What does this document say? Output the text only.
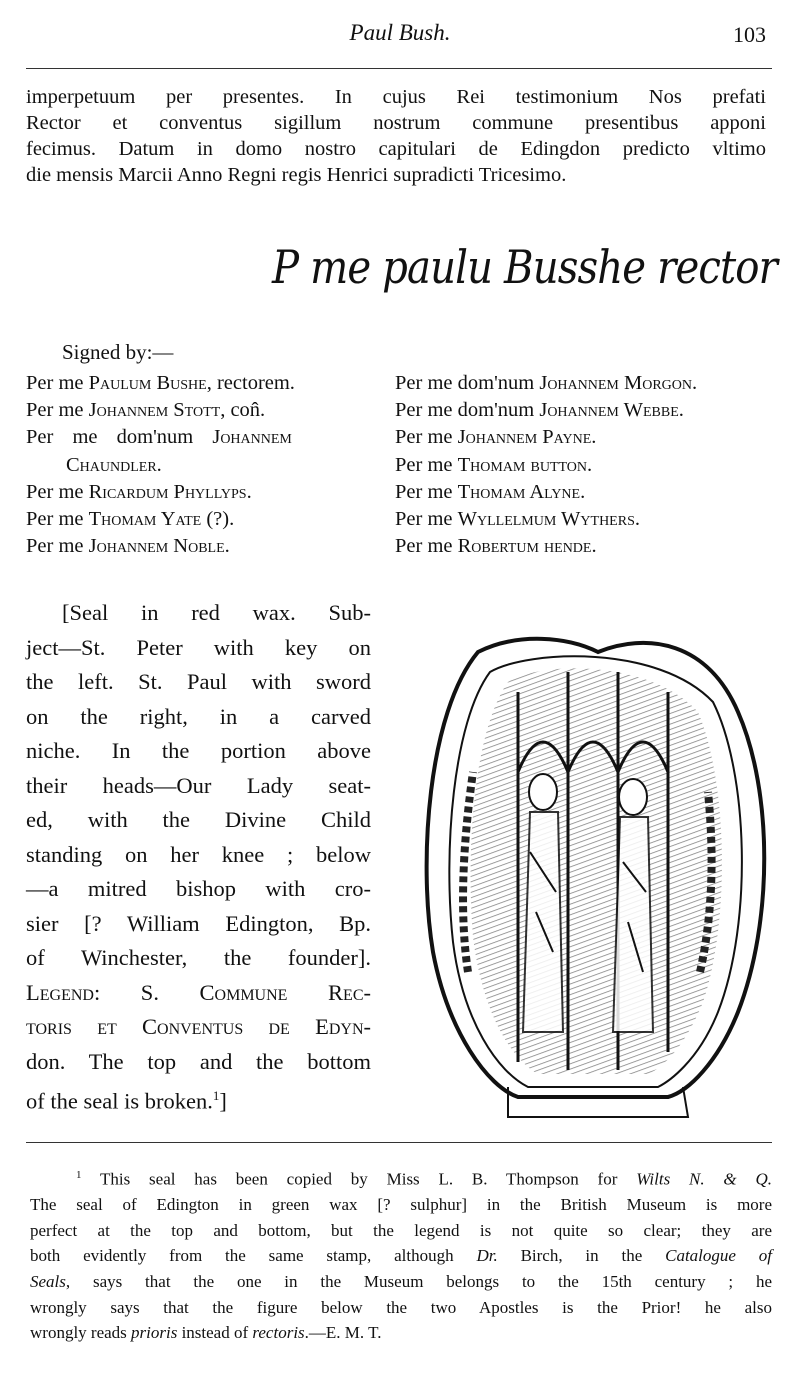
Paul Bush.	103
imperpetuum per presentes. In cujus Rei testimonium Nos prefati
Rector et conventus sigillum nostrum commune presentibus apponi
fecimus. Datum in domo nostro capitulari de Edingdon predicto vltimo
die mensis Marcii Anno Regni regis Henrici supradicti Tricesimo.
P me paulu Busshe rector
Signed by:—
Per me Paulum Bushe, rectorem.
Per me Johannem Stott, con̂.
Per me dom'num Johannem
Chaundler.
Per me Ricardum Phyllyps.
Per me Thomam Yate (?).
Per me Johannem Noble.
Per me dom'num Johannem Morgon.
Per me dom'num Johannem Webbe.
Per me Johannem Payne.
Per me Thomam button.
Per me Thomam Alyne.
Per me Wyllelmum Wythers.
Per me Robertum hende.
[Seal in red wax. Sub-
ject—St. Peter with key on
the left. St. Paul with sword
on the right, in a carved
niche. In the portion above
their heads—Our Lady seat-
ed, with the Divine Child
standing on her knee ; below
—a mitred bishop with cro-
sier [? William Edington, Bp.
of Winchester, the founder].
Legend: S. Commune Rec-
toris et Conventus de Edyn-
don. The top and the bottom
of the seal is broken.$^1$]
$^1$ This seal has been copied by Miss L. B. Thompson for Wilts N. & Q.
The seal of Edington in green wax [? sulphur] in the British Museum is more
perfect at the top and bottom, but the legend is not quite so clear; they are
both evidently from the same stamp, although Dr. Birch, in the Catalogue of
Seals, says that the one in the Museum belongs to the 15th century ; he
wrongly says that the figure below the two Apostles is the Prior! he also
wrongly reads prioris instead of rectoris.—E. M. T.
